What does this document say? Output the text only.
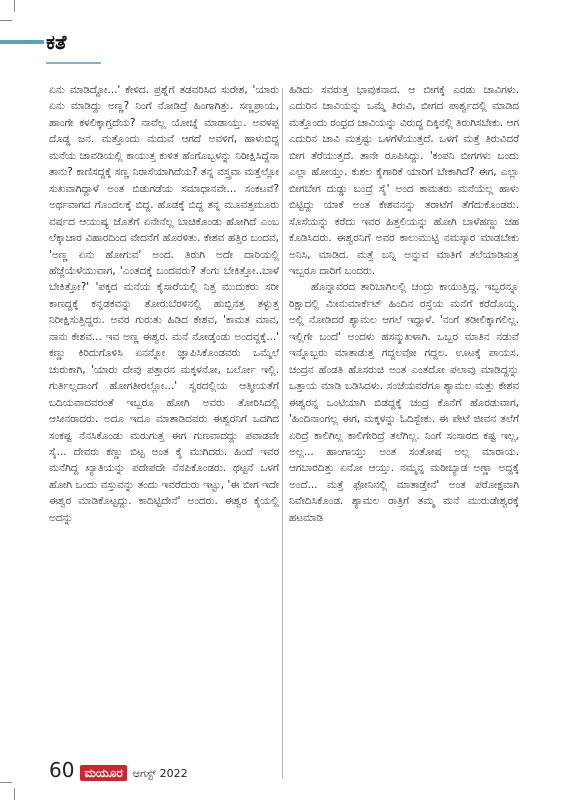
ಕತೆ

ಏನು ಮಾಡಿದ್ದೋ...' ಕೇಳಿದ. ಪ್ರಶ್ನೆಗೆ ತಡವರಿಸಿದ ಸುರೇಶ, 'ಯಾರು ಏನು ಮಾಡಿದ್ದು ಅಣ್ಣ? ನಿಂಗೆ ನೋಡಿದ್ರೆ ಹಿಂಗಾಗಿತ್ತು. ಸಣ್ಣಪ್ರಾಯ, ಹಾಂಗೇ ಕಳಲಿಕ್ಕಾಗ್ತದೆಯ? ನಾವೆಲ್ಲ ಯೋಚ್ನೆ ಮಾಡಾಯ್ತು. ಅವಳಪ್ಪ ದೊಡ್ಡ ಜನ. ಮತ್ತೊಂದು ಮದುವೆ ಆಗದೆ ಅವಳಿಗೆ, ಹಾಳುಬಿದ್ದ ಮನೆಯ ಚಾವಡಿಯಲ್ಲಿ ಕಾಯುತ್ತ ಕುಳಿತ ಹೆಂಗೊಬ್ಬಳನ್ನು ನಿರೀಕ್ಷಿಸಿದ್ದೆನಾ ತಾನು? ಕಾಣಿಸದ್ದಕ್ಕೆ ಸಣ್ಣ ನಿರಾಸೆಯಾಗಿದೆಯ? ತನ್ನ ವಸ್ತ್ರವಾ ಮತ್ತೆಲ್ಲೋ ಸುಖವಾಗಿದ್ದಾಳೆ ಅಂತ ಬಿಡುಗಡೆಯ ಸಮಾಧಾನವೇ... ಸಂಕಟವೆ? ಅರ್ಥವಾಗದ ಗೊಂದಲಕ್ಕೆ ಬಿದ್ದ. ಹೊಡಕ್ಕೆ ಬಿದ್ದ ತನ್ನ ಮೂವತ್ತಮೂರು ವರ್ಷದ ಆಯುಷ್ಯ ಜೊತೆಗೆ ಏನೇನೆಲ್ಲ ಬಾಚಿಕೊಂಡು ಹೋಗಿದೆ ಎಂಬ ಲೆಕ್ಕಾಚಾರ ವಿಹಾರದಿಂದ ವೇದನೆಗೆ ಹೊರಳಿತು. ಕೇಶವ ಹತ್ತಿರ ಬಂದವ, 'ಅಣ್ಣ ಏನು ಹೋಗುವ' ಅಂದ. ತಿರುಗಿ ಅದೇ ದಾರಿಯಲ್ಲಿ ಹೆಜ್ಜೆಯೆಳೆಯುವಾಗ, 'ಎಂತದಕ್ಕೆ ಬಂದವರು? ತೆಂಗು ಬೇಕಿತ್ತೋ..ಬಾಳೆ ಬೇಕಿತ್ತೋ?' 'ಪಕ್ಕದ ಮನೆಯ ಕೈಸಾರೆಯಲ್ಲಿ ನಿತ್ತ ಮುದುಕರು ಸರೀ ಕಾಣದ್ದಕ್ಕೆ ಕನ್ನಡಕವನ್ನು ತೋರುಬೆರಳಿನಲ್ಲಿ ಹುಬ್ಬಿನತ್ತ ತಳ್ಳುತ್ತ ನಿರೀಕ್ಷಿಸುತ್ತಿದ್ದರು. ಅವರ ಗುರುತು ಹಿಡಿದ ಕೇಶವ, 'ಕಾಮತ ಮಾವ, ನಾನು ಕೇಶವ... ಇವ ಅಣ್ಣ ಈಶ್ವರ. ಮನೆ ನೋಡ್ಕೆಂಡು ಅಂದವ್ದಕ್ಕೆ...' ಕಣ್ಣು ಕಿರಿದುಗೊಳಿಸಿ ಏನನ್ನೋ ಜ್ಞಾಪಿಸಿಕೊಂಡವರು ಒಮ್ಮೆಲೆ ಚುರುಕಾಗಿ, 'ಯಾರು ದೇವು ಪತ್ತಾರನ ಮಕ್ಕಳನೋ, ಬರ್ಲೋ ಇಲ್ಲಿ. ಗುರ್ತಿಲ್ಲದಾಂಗೆ ಹೋಗತೀರಲ್ಲೋ...' ಸ್ವರದಲ್ಲಿಯ ಆತ್ಮೀಯತೆಗೆ ಬದಿಯವಾದವರಂತೆ ಇಬ್ಬರೂ ಹೋಗಿ ಅವರು ತೋರಿಸಿದಲ್ಲಿ ಆಸೀನರಾದರು. ಅದೂ ಇದೂ ಮಾತಾಡಿದವರು ಈಶ್ವರನಿಗೆ ಒದಗಿದ ಸಂಕಷ್ಟ ನೆನಸಿಕೊಂಡು ಮರುಗುತ್ತ ಈಗ ಗುಣವಾದದ್ದು ಪವಾಡವೇ ಸೈ... ದೇವರು ಕಣ್ಣು ಬಿಟ್ಟ ಅಂತ ಕೈ ಮುಗಿದರು. ಹಿಂದೆ ಇವರ ಮನೆಗಿದ್ದ ಖ್ಯಾತಿಯನ್ನು ಪದೇಪದೇ ನೆನಪಿಕೊಂಡರು. ಥಟ್ಟನೆ ಒಳಗೆ ಹೋಗಿ ಒಂದು ವಸ್ತುವನ್ನು ತಂದು ಇವರೆದುರು ಇಟ್ಟು, 'ಈ ಬೀಗ ಇದೇ ಈಶ್ವರ ಮಾಡಿಕೊಟ್ಟದ್ದು. ಕಾದಿಟ್ಟಿದೇನೆ' ಅಂದರು. ಈಶ್ವರ ಕೈಯಲ್ಲಿ ಅದನ್ನು

ಹಿಡಿದು ಸವರುತ್ತ ಭಾವುಕನಾದ. ಆ ಬೀಗಕ್ಕೆ ಎರಡು ಚಾವಿಗಳು. ಎದುರಿನ ಚಾವಿಯನ್ನು ಒಮ್ಮೆ ತಿರುವಿ, ಬೀಗದ ಪಾರ್ಶ್ವದಲ್ಲಿ ಮಾಡಿದ ಮತ್ತೊಂದು ರಂಧ್ರದ ಚಾವಿಯನ್ನು ವಿರುದ್ಧ ದಿಕ್ಕಿನಲ್ಲಿ ತಿರುಗಿಸಬೇಕು. ಆಗ ಎದುರಿನ ಚಾವಿ ಮತ್ತಷ್ಟು ಒಳಗೆಳೆಯುತ್ತದೆ. ಒಳಗೆ ಮತ್ತೆ ತಿರುವಿದರೆ ಬೀಗ ತೆರೆಯುತ್ತದೆ. ತಾನೇ ರೂಪಿಸಿದ್ದು. 'ಕಂಪನಿ ಬೀಗಗಳು ಬಂದು ಎಲ್ಲಾ ಹೋಯ್ತು. ಕುಶಲ ಕೈಗಾರಿಕೆ ಯಾರಿಗೆ ಬೇಕಾಗಿದೆ? ಈಗ, ಎಲ್ಲಾ ಬೀಗಬೇಗ ದುಡ್ಡು ಬಂದ್ರೆ ಸೈ' ಅಂದ ಕಾಮತರು ಮನೆಯೆಲ್ಲ ಹಾಳು ಬಿಟ್ಟಿದ್ದು ಯಾಕೆ ಅಂತ ಕೇಶವನನ್ನು ತರಾಟೆಗೆ ತೆಗೆದುಕೊಂಡರು. ಸೊಸೆಯನ್ನು ಕರೆದು ಇವರ ಹಿತ್ತಲಿಯನ್ನು ಹೋಗಿ ಬಾಳೆಹಣ್ಣು ಚಹ ಕೊಡಿಸಿದರು. ಈಶ್ವರನಿಗೆ ಅವರ ಕಾಲುಮುಟ್ಟಿ ನಮಸ್ಕಾರ ಮಾಡಬೇಕು ಅನಿಸಿ, ಮಾಡಿದ. ಮತ್ತೆ ಬನ್ನಿ ಅನ್ನುವ ಮಾತಿಗೆ ತಲೆಯಾಡಿಸುತ್ತ ಇಬ್ಬರೂ ದಾರಿಗೆ ಬಂದರು.

ಹೊನ್ನಾವರದ ತಾರಿಬಾಗಿಲಲ್ಲಿ ಚಂದ್ರು ಕಾಯುತ್ತಿದ್ದ. ಇಬ್ಬರನ್ನೂ ರಿಕ್ಷಾದಲ್ಲಿ ಮೀನುಮಾರ್ಕೆಟ್ ಹಿಂದಿನ ರಸ್ತೆಯ ಮನೆಗೆ ಕರೆದೊಯ್ದ. ಅಲ್ಲಿ ನೋಡಿದರೆ ಶ್ಯಾಮಲ ಆಗಲೆ ಇದ್ದಾಳೆ. 'ನಂಗೆ ತಡೀಲಿಕ್ಕಾಗಲಿಲ್ಲ. ಇಲ್ಲಿಗೇ ಬಂದೆ' ಅಂದಳು ಹಸನ್ಮುಖಳಾಗಿ. ಒಬ್ಬರ ಮಾತಿನ ನಡುವೆ ಇನ್ನೊಬ್ಬರು ಮಾತಾಡುತ್ತ ಗದ್ದಲವೋ ಗದ್ದಲ. ಊಟಕ್ಕೆ ಪಾಯಸ. ಚಂದ್ರನ ಹೆಂಡತಿ ಹೊಸರುಚಿ ಅಂತ ಎಂತದೋ ಪಲಾವು ಮಾಡಿದ್ದನ್ನು ಒತ್ತಾಯ ಮಾಡಿ ಬಡಿಸಿದಳು. ಸಂಜೆಯವರೆಗೂ ಶ್ಯಾಮಲ ಮತ್ತು ಕೇಶವ ಈಶ್ವರನ್ನ ಒಂಟಿಯಾಗಿ ಬಿಡದ್ದಕ್ಕೆ ಚಂದ್ರ ಕೊನೆಗೆ ಹೊರಡುವಾಗ, 'ಹಿಂದಿನಾಂಗಲ್ಲ ಈಗ, ಮಕ್ಕಳನ್ನು ಓದಿಸ್ಬೇಕು. ಈ ಪೇಟೆ ಜೀವನ ತಲೆಗೆ ಏರಿದ್ರೆ ಕಾಲಿಗಿಲ್ಲ ಕಾಲಿಗೇರಿದ್ರೆ ತಲೆಗಿಲ್ಲ. ನಿಂಗೆ ಸಂಸಾರದ ಕಷ್ಟ ಇಲ್ಲ, ಅಲ್ಲ... ಹಾಂಗಾಯ್ತು ಅಂತ ಸಂತೋಷ ಅಲ್ಲ ಮಾರಾಯ. ಆಗಬಾರದಿತ್ತು ಏನೋ ಆಯ್ತು. ನಮ್ಮನ್ನ ಮರೀಬ್ಯಾಡ ಅಣ್ಣಾ ಅದ್ದಕ್ಕೆ ಅಂದೆ... ಮತ್ತೆ ಫೋನಿನಲ್ಲಿ ಮಾತಾಡ್ತೇನೆ' ಅಂತ ಪರೋಕ್ಷವಾಗಿ ನಿವೇದಿಸಿಕೊಂಡ. ಶ್ಯಾಮಲ ರಾತ್ರಿಗೆ ತಮ್ಮ ಮನೆ ಮುರುಡೇಶ್ವರಕ್ಕೆ ಹಟಮಾಡಿ

60 ಮಯೂರ ಆಗಸ್ಟ್ 2022
